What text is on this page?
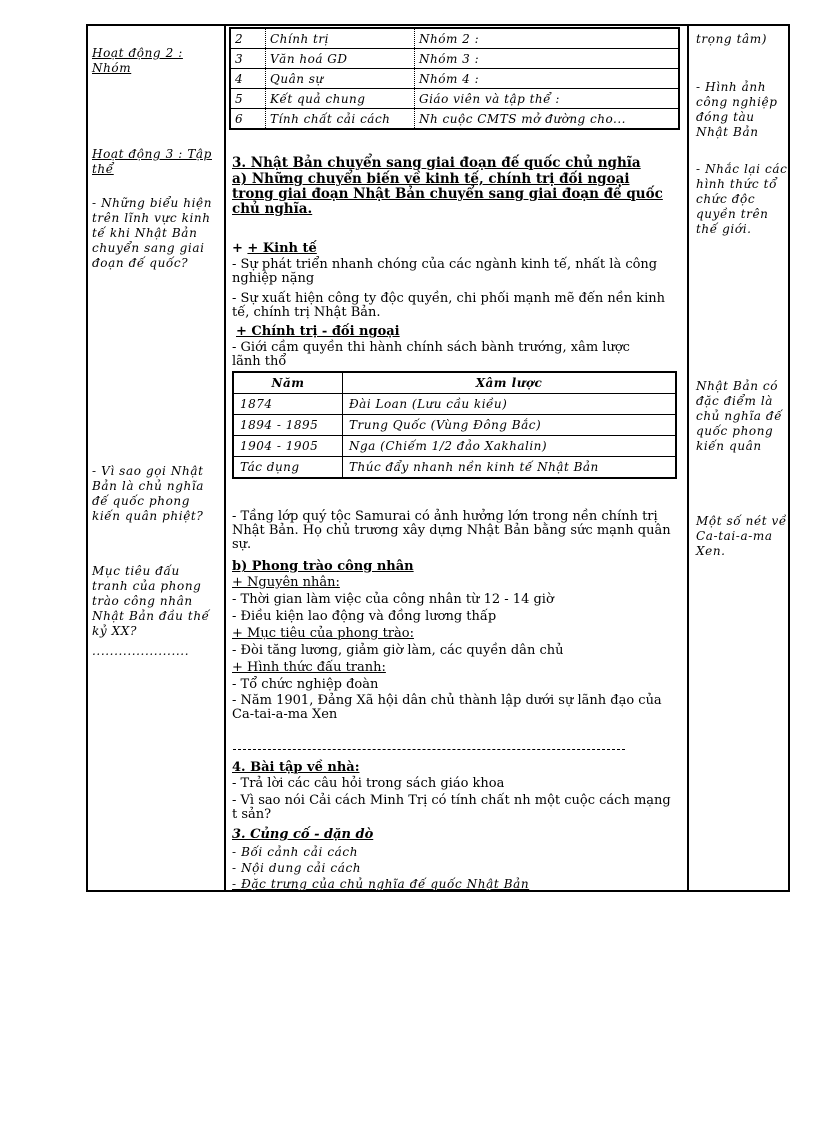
Hoạt động 2 : Nhóm
Hoạt động 3 : Tập thể
- Những biểu hiện trên lĩnh vực kinh tế khi Nhật Bản chuyển sang giai đoạn đế quốc?
- Vì sao gọi Nhật Bản là chủ nghĩa đế quốc phong kiến quân phiệt?
Mục tiêu đấu tranh của phong trào công nhân Nhật Bản đầu thế kỷ XX?
......................
trọng tâm)
- Hình ảnh công nghiệp đóng tàu Nhật Bản
- Nhắc lại các hình thức tổ chức độc quyền trên thế giới.
Nhật Bản có đặc điểm là chủ nghĩa đế quốc phong kiến quân
Một số nét về Ca-tai-a-ma Xen.
2	Chính trị	Nhóm 2 :
3	Văn hoá GD	Nhóm 3 :
4	Quân sự	Nhóm 4 :
5	Kết quả chung	Giáo viên và tập thể :
6	Tính chất cải cách	Nh cuộc CMTS mở đường cho...
3. Nhật Bản chuyển sang giai đoạn đế quốc chủ nghĩa
a) Những chuyển biến về kinh tế, chính trị đối ngoại trong giai đoạn Nhật Bản chuyển sang giai đoạn đế quốc chủ nghĩa.
+ + Kinh tế
- Sự phát triển nhanh chóng của các ngành kinh tế, nhất là công nghiệp nặng
- Sự xuất hiện công ty độc quyền, chi phối mạnh mẽ đến nền kinh tế, chính trị Nhật Bản.
+ Chính trị - đối ngoại
- Giới cầm quyền thi hành chính sách bành trướng, xâm lược lãnh thổ
Năm	Xâm lược
1874	Đài Loan (Lưu cầu kiều)
1894 - 1895	Trung Quốc (Vùng Đông Bắc)
1904 - 1905	Nga (Chiếm 1/2 đảo Xakhalin)
Tác dụng	Thúc đẩy nhanh nền kinh tế Nhật Bản
- Tầng lớp quý tộc Samurai có ảnh hưởng lớn trong nền chính trị Nhật Bản. Họ chủ trương xây dựng Nhật Bản bằng sức mạnh quân sự.
b) Phong trào công nhân
+ Nguyên nhân:
- Thời gian làm việc của công nhân từ 12 - 14 giờ
- Điều kiện lao động và đồng lương thấp
+ Mục tiêu của phong trào:
- Đòi tăng lương, giảm giờ làm, các quyền dân chủ
+ Hình thức đấu tranh:
- Tổ chức nghiệp đoàn
- Năm 1901, Đảng Xã hội dân chủ thành lập dưới sự lãnh đạo của Ca-tai-a-ma Xen
4. Bài tập về nhà:
- Trả lời các câu hỏi trong sách giáo khoa
- Vì sao nói Cải cách Minh Trị có tính chất nh một cuộc cách mạng t sản?
3. Củng cố - dặn dò
- Bối cảnh cải cách
- Nội dung cải cách
- Đặc trưng của chủ nghĩa đế quốc Nhật Bản
